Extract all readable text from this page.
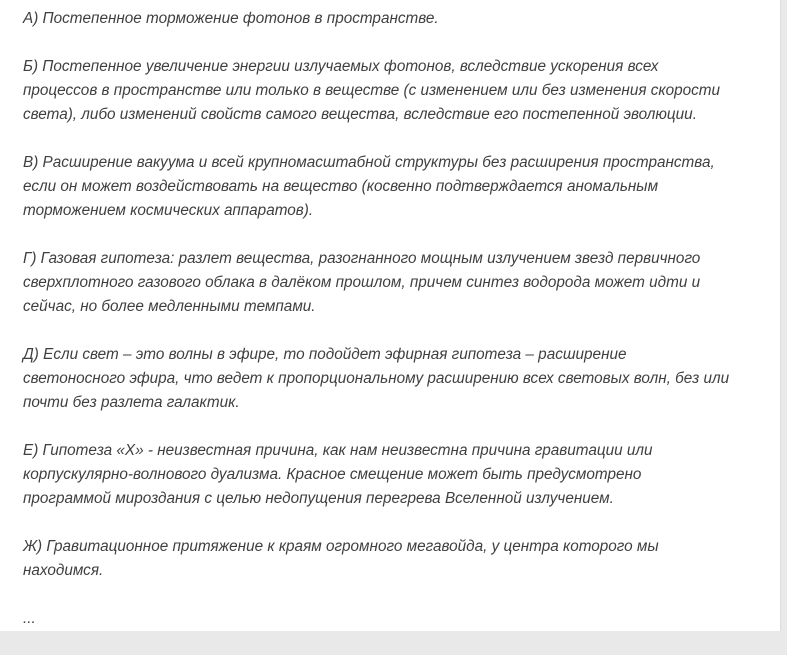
А) Постепенное торможение фотонов в пространстве.

Б) Постепенное увеличение энергии излучаемых фотонов, вследствие ускорения всех
процессов в пространстве или только в веществе (с изменением или без изменения скорости
света), либо изменений свойств самого вещества, вследствие его постепенной эволюции.

В) Расширение вакуума и всей крупномасштабной структуры без расширения пространства,
если он может воздействовать на вещество (косвенно подтверждается аномальным
торможением космических аппаратов).

Г) Газовая гипотеза: разлет вещества, разогнанного мощным излучением звезд первичного
сверхплотного газового облака в далёком прошлом, причем синтез водорода может идти и
сейчас, но более медленными темпами.

Д) Если свет – это волны в эфире, то подойдет эфирная гипотеза – расширение
светоносного эфира, что ведет к пропорциональному расширению всех световых волн, без или
почти без разлета галактик.

Е) Гипотеза «Х» - неизвестная причина, как нам неизвестна причина гравитации или
корпускулярно-волнового дуализма. Красное смещение может быть предусмотрено
программой мироздания с целью недопущения перегрева Вселенной излучением.

Ж) Гравитационное притяжение к краям огромного мегавойда, у центра которого мы
находимся.

...
